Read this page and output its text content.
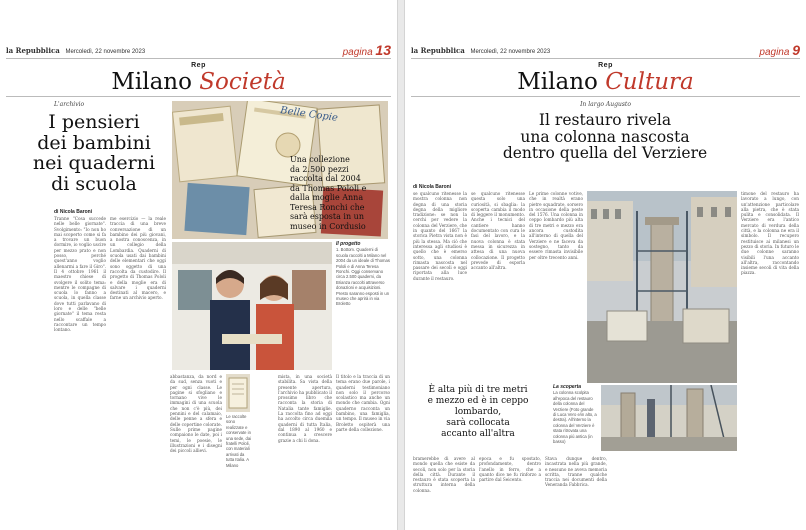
la Repubblica Mercoledì, 22 novembre 2023	pagina 13
Rep
Milano Società
L'archivio
I pensieri
dei bambini
nei quaderni
di scuola
di Nicola Baroni
Belle Copie
Una collezione
da 2.500 pezzi
raccolta dal 2004
da Thomas Pololi e
dalla moglie Anna
Teresa Ronchi che
sarà esposta in un
museo in Cordusio
Il progetto
1. Bottom. Quaderni di scuola raccolti a Milano nel 2004 da un ideale di Thomas Pololi e di Anna Teresa Ronchi. Oggi conservano circa 2.500 quaderni, da Brianza raccolti attraverso donazioni e acquisizioni. Presto saranno esposti in un museo che aprirà in via Broletto
Tranne "Cosa succede nelle belle giornate". Svolgimento: "Io non ho mai scoperto come si fa a trovare un buon dormire, io voglio uscire per mezzo prato e non posso, perché quest'anno voglio allenarmi a fare il Giro". Il 4 ottobre 1961 il maestro chiese di svolgere il solito tema: mentre le compagne di scuola lo fanno a scuola, in quella classe dove tutti parlavano di loro e delle "belle giornate" il tema resta nello scaffale a raccontare un tempo lontano.
me esercizio — la reale traccia di una breve conversazione di un bambino dei più giovani, a nostra conoscenza, in un collegio della Lombardia. Quaderni di scuola usati dai bambini delle elementari che oggi sono oggetto di una raccolta da custodire. Il progetto di Thomas Pololi e della moglie era di salvare i quaderni destinati al macero, e farne un archivio aperto.
abbastanza, da nord e da sud, senza vuoti e per ogni classe. Le pagine si sfogliano e tornano vive le immagini di una scuola che non c'è più, dei pennini e del calamaio, delle penne a sfera e delle copertine colorate. Sulle prime pagine compaiono le date, poi i temi, le poesie, le illustrazioni e i disegni dei piccoli allievi.
Le raccolte sono realizzate e conservate in una sede, dai fratelli Pololi, con materiali arrivati da tutta Italia. A Milano
mista, in una società stabilita. Sa vista della presente apertura, l'archivio ha pubblicato il prossimo libro che racconta la storia di Natalia tante famiglie. La raccolta fino ad oggi ha accolto circa duemila quaderni di tutta Italia, dal 1890 al 1960 e continua a crescere grazie a chi li dona.
Il titolo e la traccia di un tema erano due parole, i quaderni testimoniano non solo il percorso scolastico ma anche un mondo che cambia. Ogni quaderno racconta un bambino, una famiglia, un tempo. Il museo in via Broletto ospiterà una parte della collezione.
la Repubblica Mercoledì, 22 novembre 2023	pagina 9
Rep
Milano Cultura
In largo Augusto
Il restauro rivela
una colonna nascosta
dentro quella del Verziere
di Nicola Baroni
se qualcuno ritenesse la mostra colonna non degna di una storia degna della migliore tradizione: se non la cerchi per vedere la colonna del Verziere, che in quanto del 1667 la storica Pietra vista non è più la stessa. Ma ciò che interessa agli studiosi è quello che è emerso sotto, una colonna rimasta nascosta nel passare dei secoli e oggi riportata alla luce durante il restauro.
se qualcuno ritenesse questa solo una curiosità, si sbaglia: la scoperta cambia il modo di leggere il monumento. Anche i tecnici del cantiere hanno documentato con cura le fasi del lavoro, e la nuova colonna è stata messa in sicurezza in attesa di una nuova collocazione. Il progetto prevede di esporla accanto all'altra.
Le prime colonne votive, che in realtà erano pietre squadrate, sorsero in occasione della peste del 1576. Una colonna in ceppo lombardo più alta di tre metri e mezzo era ancora custodita all'interno di quella del Verziere e ne faceva da sostegno, tanto da essere rimasta invisibile per oltre trecento anni.
timone del restauro ha lavorato a lungo, con un'attenzione particolare alla pietra, che è stata pulita e consolidata. Il Verziere era l'antico mercato di verdura della città, e la colonna ne era il simbolo. Il recupero restituisce ai milanesi un pezzo di storia. In futuro le due colonne saranno visibili l'una accanto all'altra, raccontando insieme secoli di vita della piazza.
È alta più di tre metri
e mezzo ed è in ceppo
lombardo,
sarà collocata
accanto all'altra
La scoperta
La colonna scolpita all'epoca del restauro della colonna del Verziere (Foto grande di Luca Vero e/in alto, a destra). All'interno la colonna del Verziere è stata ritrovata una colonna più antica (in basso)
bramerebbe di avere al mondo quella che esiste da secoli, non solo per la storia della città. Durante il restauro è stata scoperta la struttura interna della colonna.
epoca e fu spostato, profondamente, dentro l'anello in ferro, che a quanto dice ne fu rinforzo a partire dal Seicento.
Stava dunque dentro, incastrata nella più grande, e nessuno ne aveva memoria scritta, tranne qualche traccia nei documenti della Veneranda Fabbrica.
